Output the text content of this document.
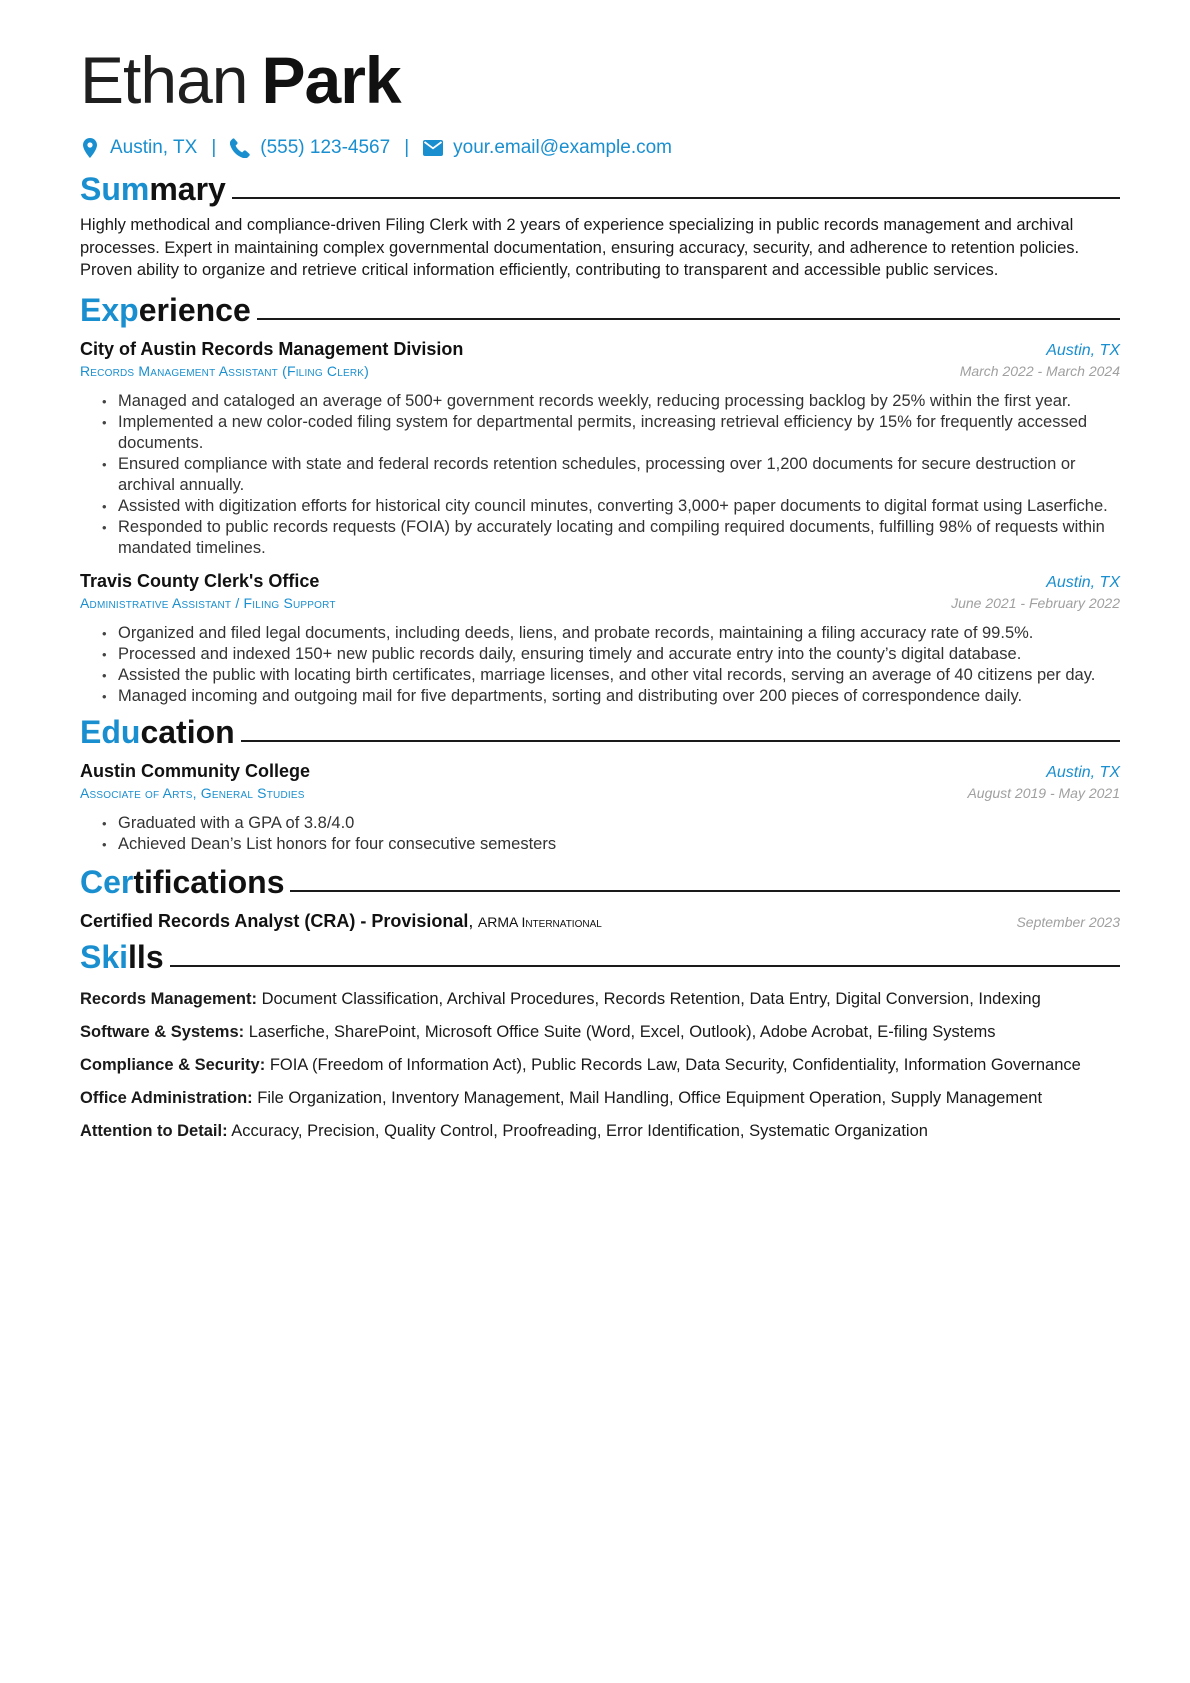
Ethan Park
Austin, TX | (555) 123-4567 | your.email@example.com
Summary

Highly methodical and compliance-driven Filing Clerk with 2 years of experience specializing in public records management and archival processes. Expert in maintaining complex governmental documentation, ensuring accuracy, security, and adherence to retention policies. Proven ability to organize and retrieve critical information efficiently, contributing to transparent and accessible public services.

Experience
City of Austin Records Management Division	Austin, TX
Records Management Assistant (Filing Clerk)	March 2022 - March 2024
• Managed and cataloged an average of 500+ government records weekly, reducing processing backlog by 25% within the first year.
• Implemented a new color-coded filing system for departmental permits, increasing retrieval efficiency by 15% for frequently accessed documents.
• Ensured compliance with state and federal records retention schedules, processing over 1,200 documents for secure destruction or archival annually.
• Assisted with digitization efforts for historical city council minutes, converting 3,000+ paper documents to digital format using Laserfiche.
• Responded to public records requests (FOIA) by accurately locating and compiling required documents, fulfilling 98% of requests within mandated timelines.
Travis County Clerk's Office	Austin, TX
Administrative Assistant / Filing Support	June 2021 - February 2022
• Organized and filed legal documents, including deeds, liens, and probate records, maintaining a filing accuracy rate of 99.5%.
• Processed and indexed 150+ new public records daily, ensuring timely and accurate entry into the county’s digital database.
• Assisted the public with locating birth certificates, marriage licenses, and other vital records, serving an average of 40 citizens per day.
• Managed incoming and outgoing mail for five departments, sorting and distributing over 200 pieces of correspondence daily.
Education
Austin Community College	Austin, TX
Associate of Arts, General Studies	August 2019 - May 2021
• Graduated with a GPA of 3.8/4.0
• Achieved Dean’s List honors for four consecutive semesters
Certifications
Certified Records Analyst (CRA) - Provisional, ARMA International	September 2023
Skills
Records Management: Document Classification, Archival Procedures, Records Retention, Data Entry, Digital Conversion, Indexing
Software & Systems: Laserfiche, SharePoint, Microsoft Office Suite (Word, Excel, Outlook), Adobe Acrobat, E-filing Systems
Compliance & Security: FOIA (Freedom of Information Act), Public Records Law, Data Security, Confidentiality, Information Governance
Office Administration: File Organization, Inventory Management, Mail Handling, Office Equipment Operation, Supply Management
Attention to Detail: Accuracy, Precision, Quality Control, Proofreading, Error Identification, Systematic Organization
